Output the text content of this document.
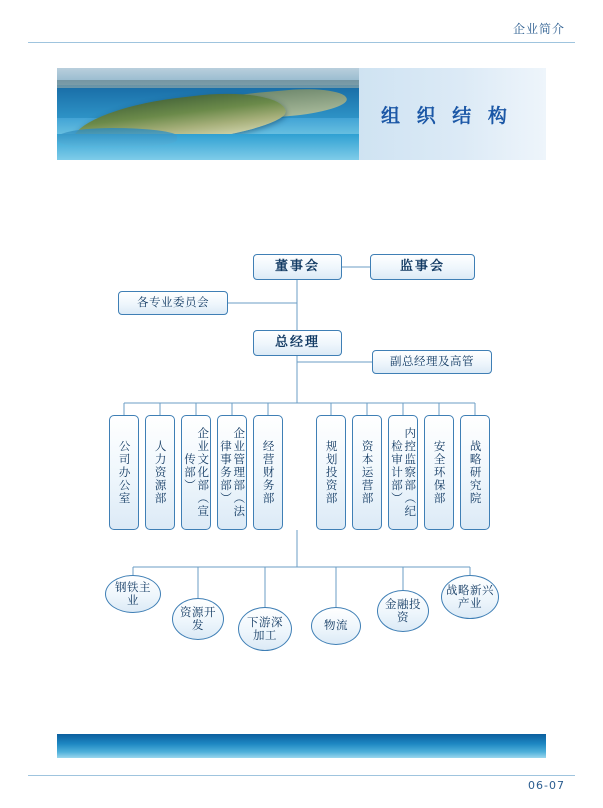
企业简介
组 织 结 构
董事会	监事会
各专业委员会
总经理
副总经理及高管
公司办公室	人力资源部	企业文化部（宣传部）	企业管理部（法律事务部）	经营财务部	规划投资部	资本运营部	内控监察部（纪检审计部）	安全环保部	战略研究院
钢铁主业
资源开发	下游深加工
物流
金融投资
战略新兴产业
06-07
